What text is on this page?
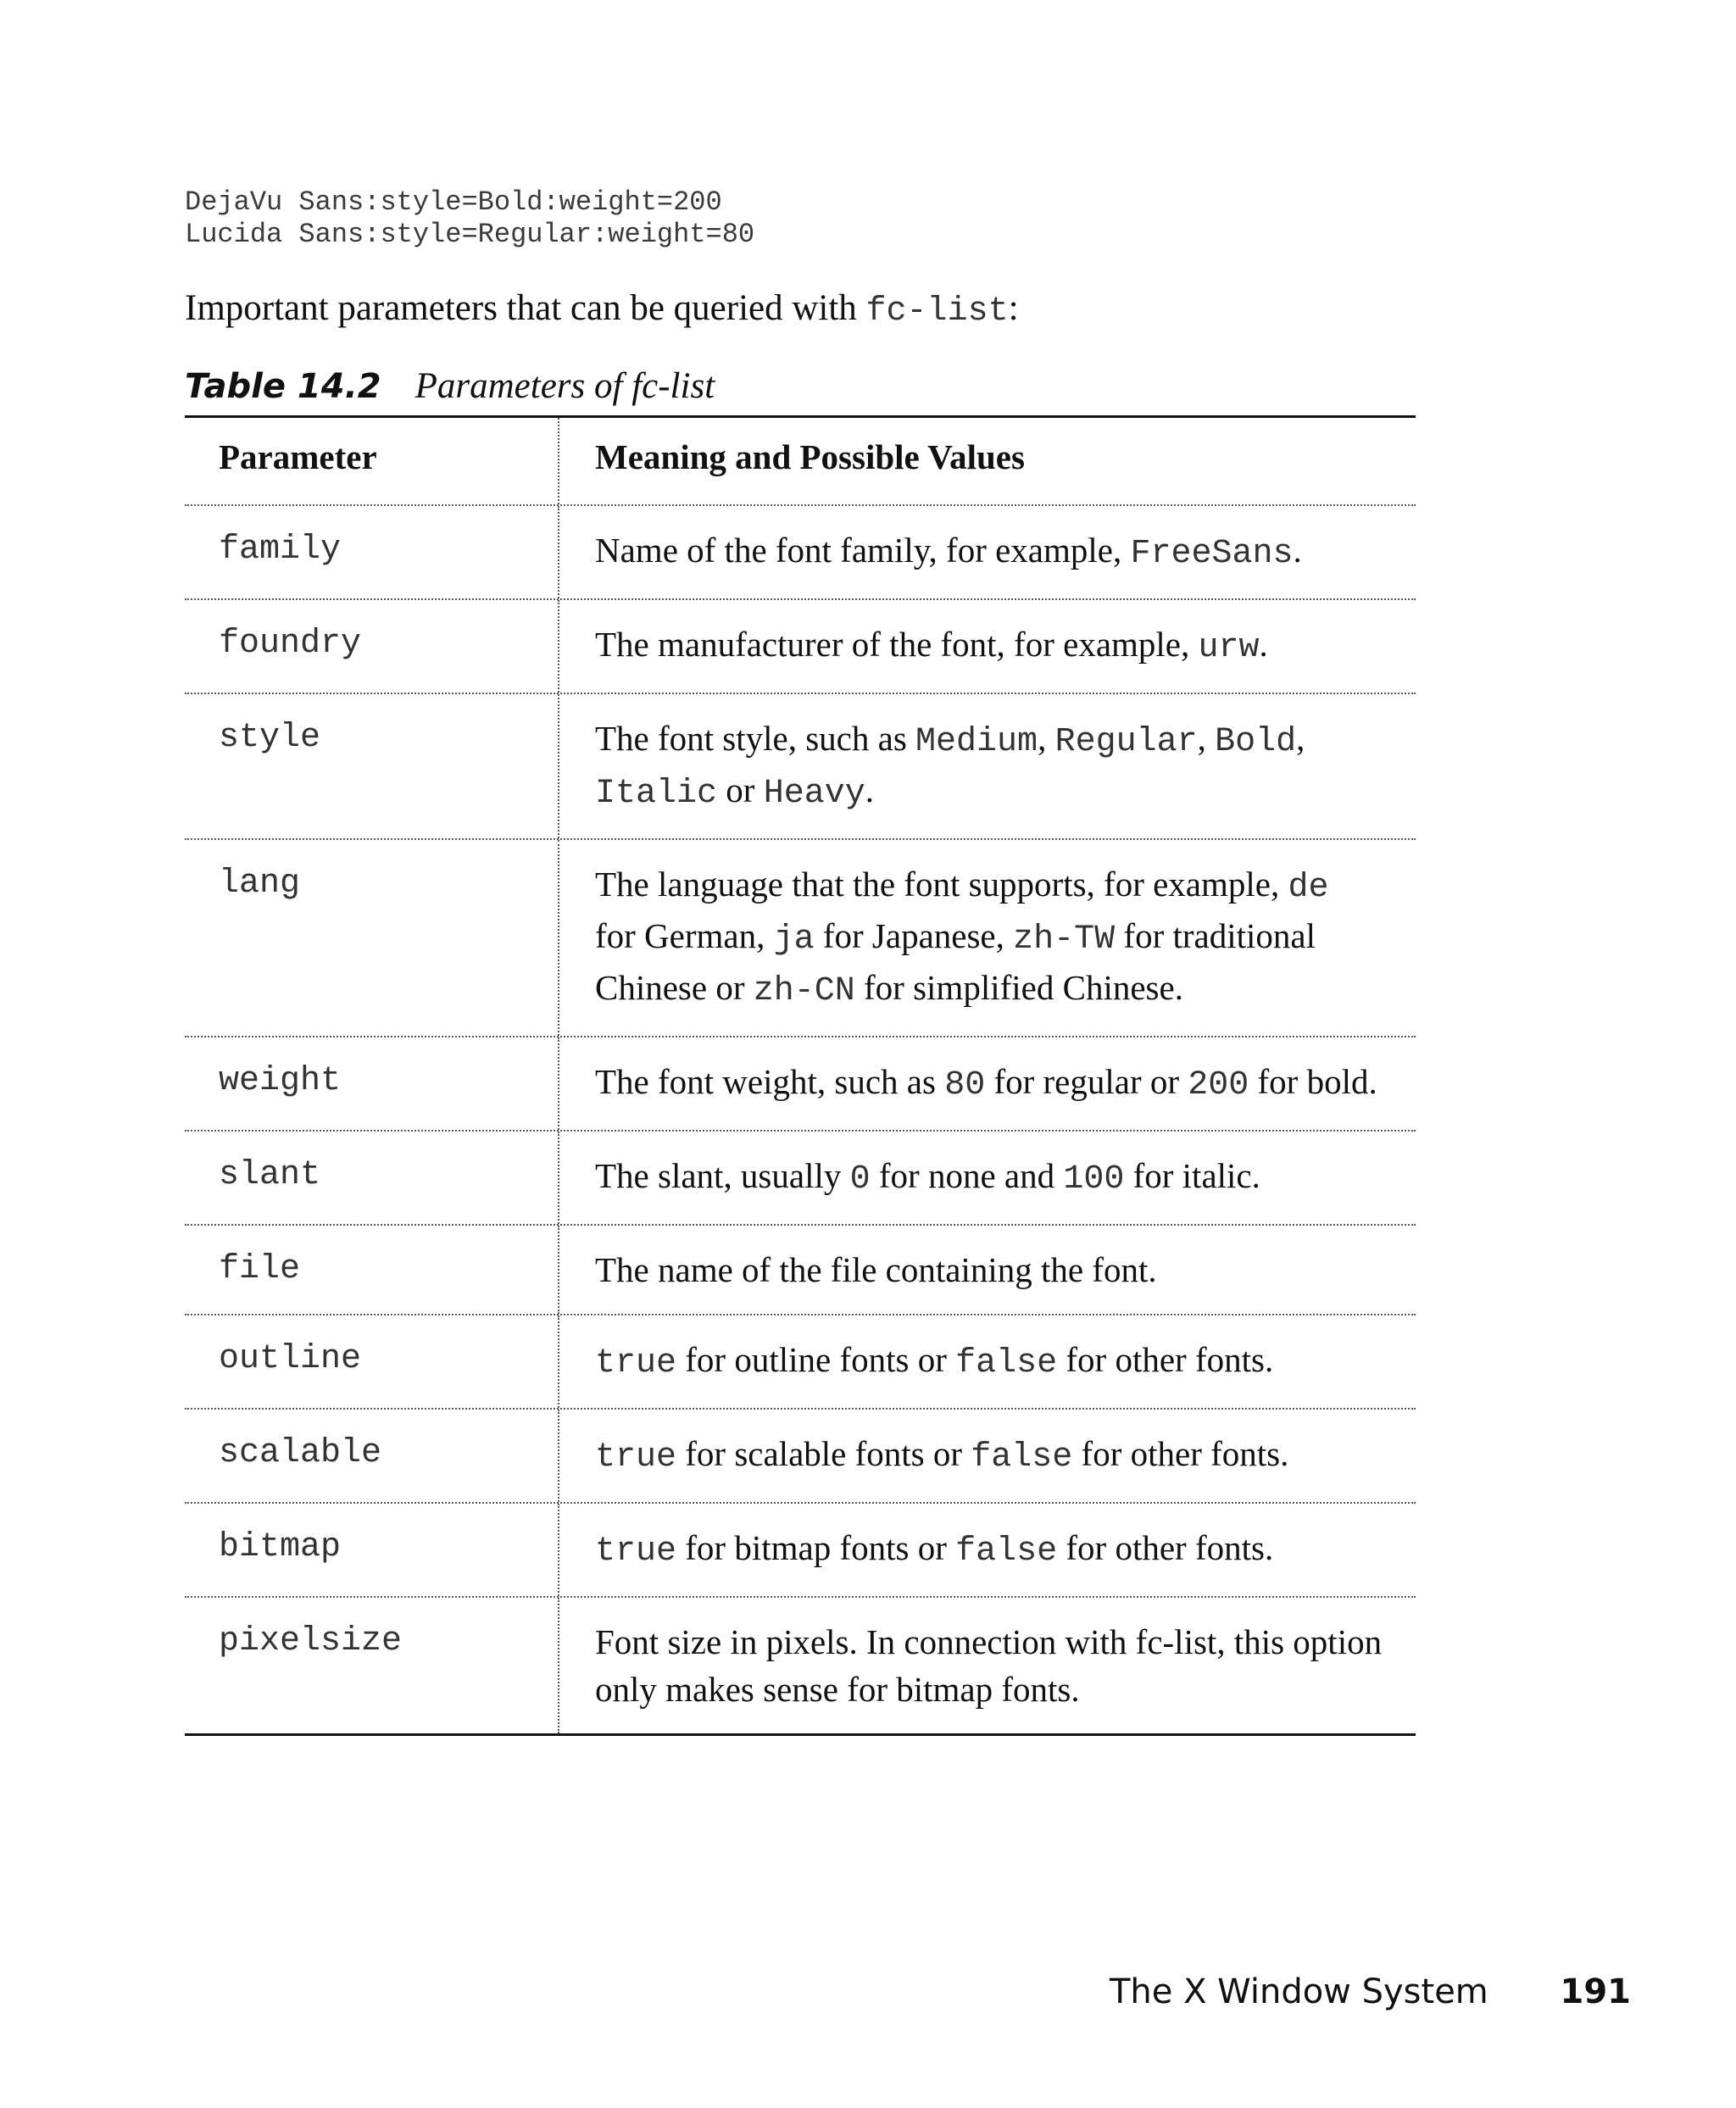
DejaVu Sans:style=Bold:weight=200
Lucida Sans:style=Regular:weight=80

Important parameters that can be queried with fc-list:

Table 14.2 Parameters of fc-list

Parameter	Meaning and Possible Values
family	Name of the font family, for example, FreeSans.
foundry	The manufacturer of the font, for example, urw.
style	The font style, such as Medium, Regular, Bold,
Italic or Heavy.
lang	The language that the font supports, for example, de
for German, ja for Japanese, zh-TW for traditional
Chinese or zh-CN for simplified Chinese.
weight	The font weight, such as 80 for regular or 200 for bold.
slant	The slant, usually 0 for none and 100 for italic.
file	The name of the file containing the font.
outline	true for outline fonts or false for other fonts.
scalable	true for scalable fonts or false for other fonts.
bitmap	true for bitmap fonts or false for other fonts.
pixelsize	Font size in pixels. In connection with fc-list, this option
only makes sense for bitmap fonts.
The X Window System 191
